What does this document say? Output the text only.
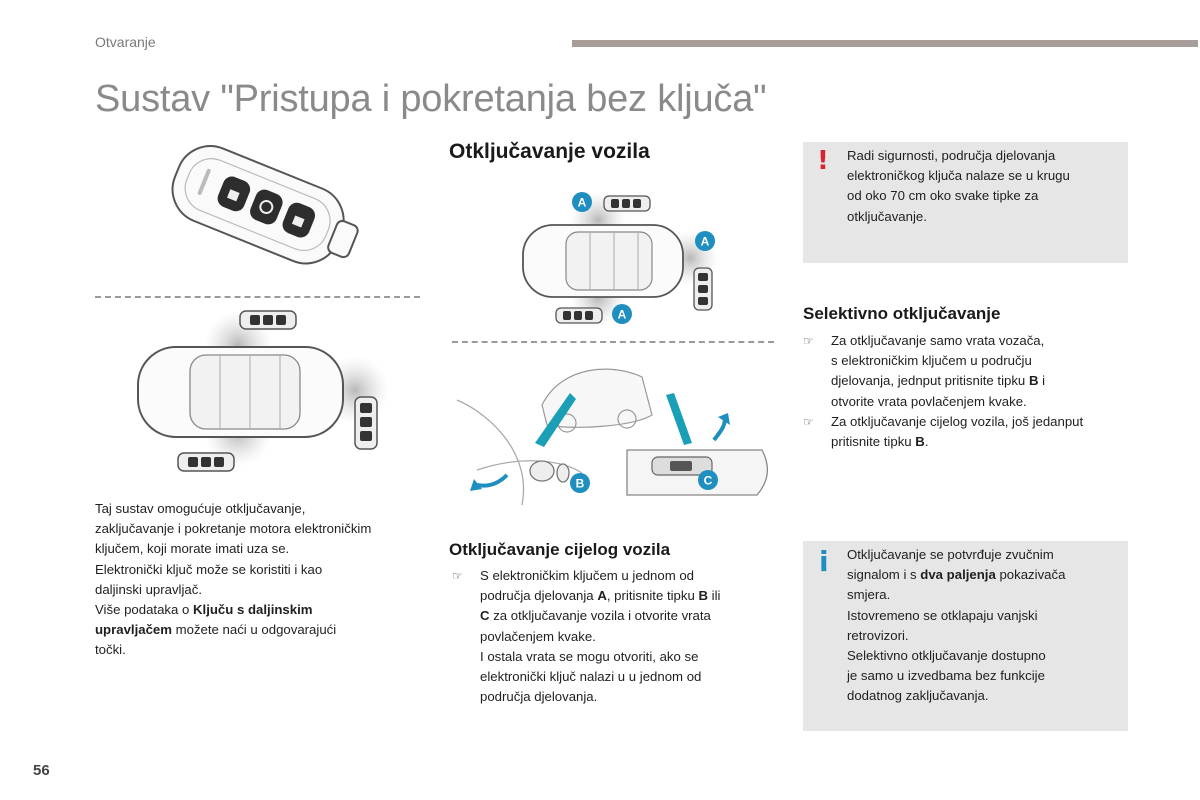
Otvaranje
Sustav "Pristupa i pokretanja bez ključa"
Taj sustav omogućuje otključavanje,
zaključavanje i pokretanje motora elektroničkim
ključem, koji morate imati uza se.
Elektronički ključ može se koristiti i kao
daljinski upravljač.
Više podataka o Ključu s daljinskim
upravljačem možete naći u odgovarajući
točki.
Otključavanje vozila
A
A
A
B	C
Otključavanje cijelog vozila
☞ S elektroničkim ključem u jednom od
područja djelovanja A, pritisnite tipku B ili
C za otključavanje vozila i otvorite vrata
povlačenjem kvake.
I ostala vrata se mogu otvoriti, ako se
elektronički ključ nalazi u u jednom od
područja djelovanja.
! Radi sigurnosti, područja djelovanja
elektroničkog ključa nalaze se u krugu
od oko 70 cm oko svake tipke za
otključavanje.
Selektivno otključavanje
☞ Za otključavanje samo vrata vozača,
s elektroničkim ključem u području
djelovanja, jednput pritisnite tipku B i
otvorite vrata povlačenjem kvake.
☞ Za otključavanje cijelog vozila, još jedanput
pritisnite tipku B.
i Otključavanje se potvrđuje zvučnim
signalom i s dva paljenja pokazivača
smjera.
Istovremeno se otklapaju vanjski
retrovizori.
Selektivno otključavanje dostupno
je samo u izvedbama bez funkcije
dodatnog zaključavanja.
56
